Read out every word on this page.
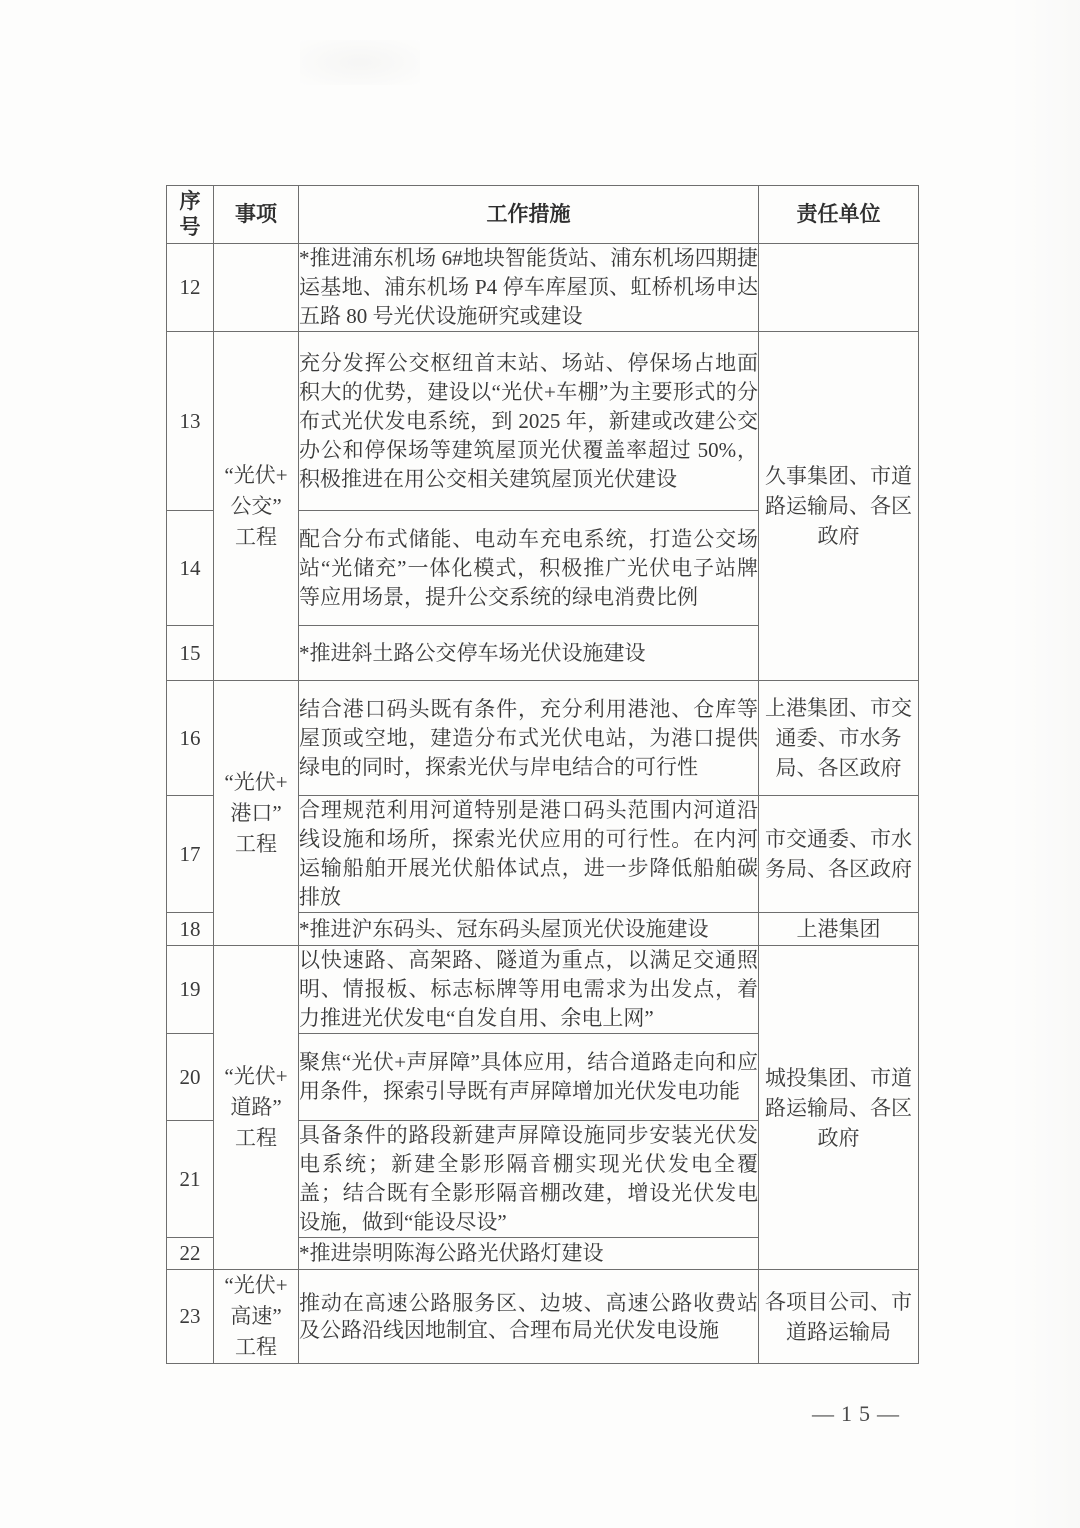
序
号	事项	工作措施	责任单位
12		*推进浦东机场 6#地块智能货站、浦东机场四期捷运基地、浦东机场 P4 停车库屋顶、虹桥机场申达五路 80 号光伏设施研究或建设	
13	“光伏+
公交”
工程	充分发挥公交枢纽首末站、场站、停保场占地面积大的优势，建设以“光伏+车棚”为主要形式的分布式光伏发电系统，到 2025 年，新建或改建公交办公和停保场等建筑屋顶光伏覆盖率超过 50%，积极推进在用公交相关建筑屋顶光伏建设	久事集团、市道路运输局、各区政府
14		配合分布式储能、电动车充电系统，打造公交场站“光储充”一体化模式，积极推广光伏电子站牌等应用场景，提升公交系统的绿电消费比例	
15		*推进斜土路公交停车场光伏设施建设	
16	“光伏+
港口”
工程	结合港口码头既有条件，充分利用港池、仓库等屋顶或空地，建造分布式光伏电站，为港口提供绿电的同时，探索光伏与岸电结合的可行性	上港集团、市交通委、市水务局、各区政府
17		合理规范利用河道特别是港口码头范围内河道沿线设施和场所，探索光伏应用的可行性。在内河运输船舶开展光伏船体试点，进一步降低船舶碳排放	市交通委、市水务局、各区政府
18		*推进沪东码头、冠东码头屋顶光伏设施建设	上港集团
19	“光伏+
道路”
工程	以快速路、高架路、隧道为重点，以满足交通照明、情报板、标志标牌等用电需求为出发点，着力推进光伏发电“自发自用、余电上网”	城投集团、市道路运输局、各区政府
20		聚焦“光伏+声屏障”具体应用，结合道路走向和应用条件，探索引导既有声屏障增加光伏发电功能	
21		具备条件的路段新建声屏障设施同步安装光伏发电系统；新建全影形隔音棚实现光伏发电全覆盖；结合既有全影形隔音棚改建，增设光伏发电设施，做到“能设尽设”	
22		*推进崇明陈海公路光伏路灯建设	
23	“光伏+
高速”
工程	推动在高速公路服务区、边坡、高速公路收费站及公路沿线因地制宜、合理布局光伏发电设施	各项目公司、市道路运输局
—15—
